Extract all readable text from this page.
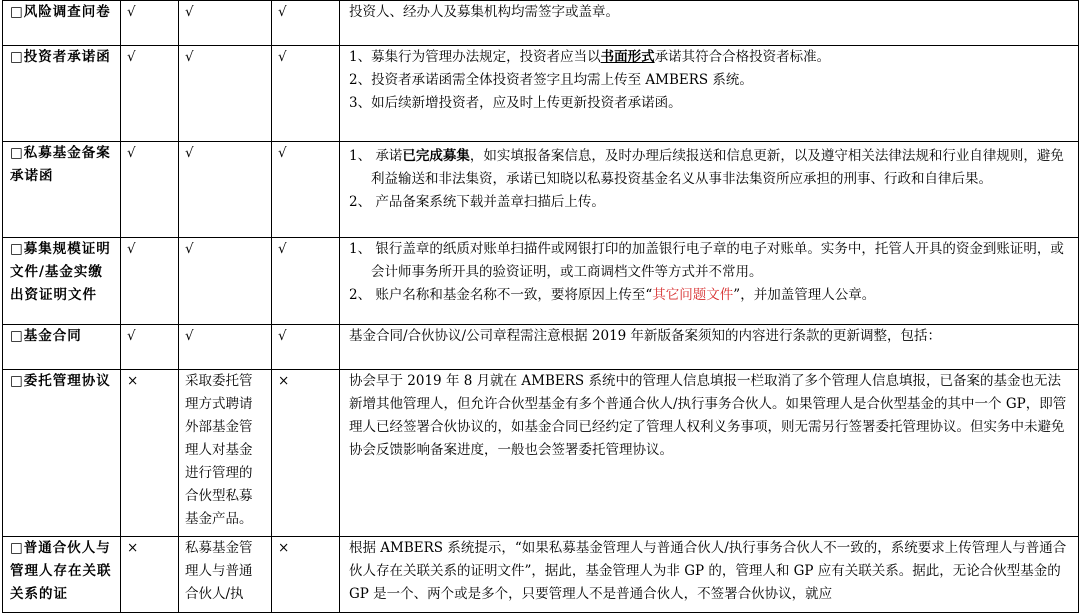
□风险调查问卷	√	√	√	投资人、经办人及募集机构均需签字或盖章。

□投资者承诺函	√	√	√	1、募集行为管理办法规定，投资者应当以书面形式承诺其符合合格投资者标准。
2、投资者承诺函需全体投资者签字且均需上传至 AMBERS 系统。
3、如后续新增投资者，应及时上传更新投资者承诺函。

□私募基金备案承诺函	√	√	√	1、 承诺已完成募集，如实填报备案信息，及时办理后续报送和信息更新，以及遵守相关法律法规和行业自律规则，避免利益输送和非法集资，承诺已知晓以私募投资基金名义从事非法集资所应承担的刑事、行政和自律后果。
2、 产品备案系统下载并盖章扫描后上传。

□募集规模证明文件/基金实缴出资证明文件	√	√	√	1、 银行盖章的纸质对账单扫描件或网银打印的加盖银行电子章的电子对账单。实务中，托管人开具的资金到账证明，或会计师事务所开具的验资证明，或工商调档文件等方式并不常用。
2、 账户名称和基金名称不一致，要将原因上传至“其它问题文件”，并加盖管理人公章。

□基金合同	√	√	√	基金合同/合伙协议/公司章程需注意根据 2019 年新版备案须知的内容进行条款的更新调整，包括：

□委托管理协议	×	采取委托管理方式聘请外部基金管理人对基金进行管理的合伙型私募基金产品。	×	协会早于 2019 年 8 月就在 AMBERS 系统中的管理人信息填报一栏取消了多个管理人信息填报，已备案的基金也无法新增其他管理人，但允许合伙型基金有多个普通合伙人/执行事务合伙人。如果管理人是合伙型基金的其中一个 GP，即管理人已经签署合伙协议的，如基金合同已经约定了管理人权利义务事项，则无需另行签署委托管理协议。但实务中未避免协会反馈影响备案进度，一般也会签署委托管理协议。

□普通合伙人与管理人存在关联关系的证	×	私募基金管理人与普通合伙人/执	×	根据 AMBERS 系统提示，“如果私募基金管理人与普通合伙人/执行事务合伙人不一致的，系统要求上传管理人与普通合伙人存在关联关系的证明文件”，据此，基金管理人为非 GP 的，管理人和 GP 应有关联关系。据此，无论合伙型基金的 GP 是一个、两个或是多个，只要管理人不是普通合伙人，不签署合伙协议，就应
